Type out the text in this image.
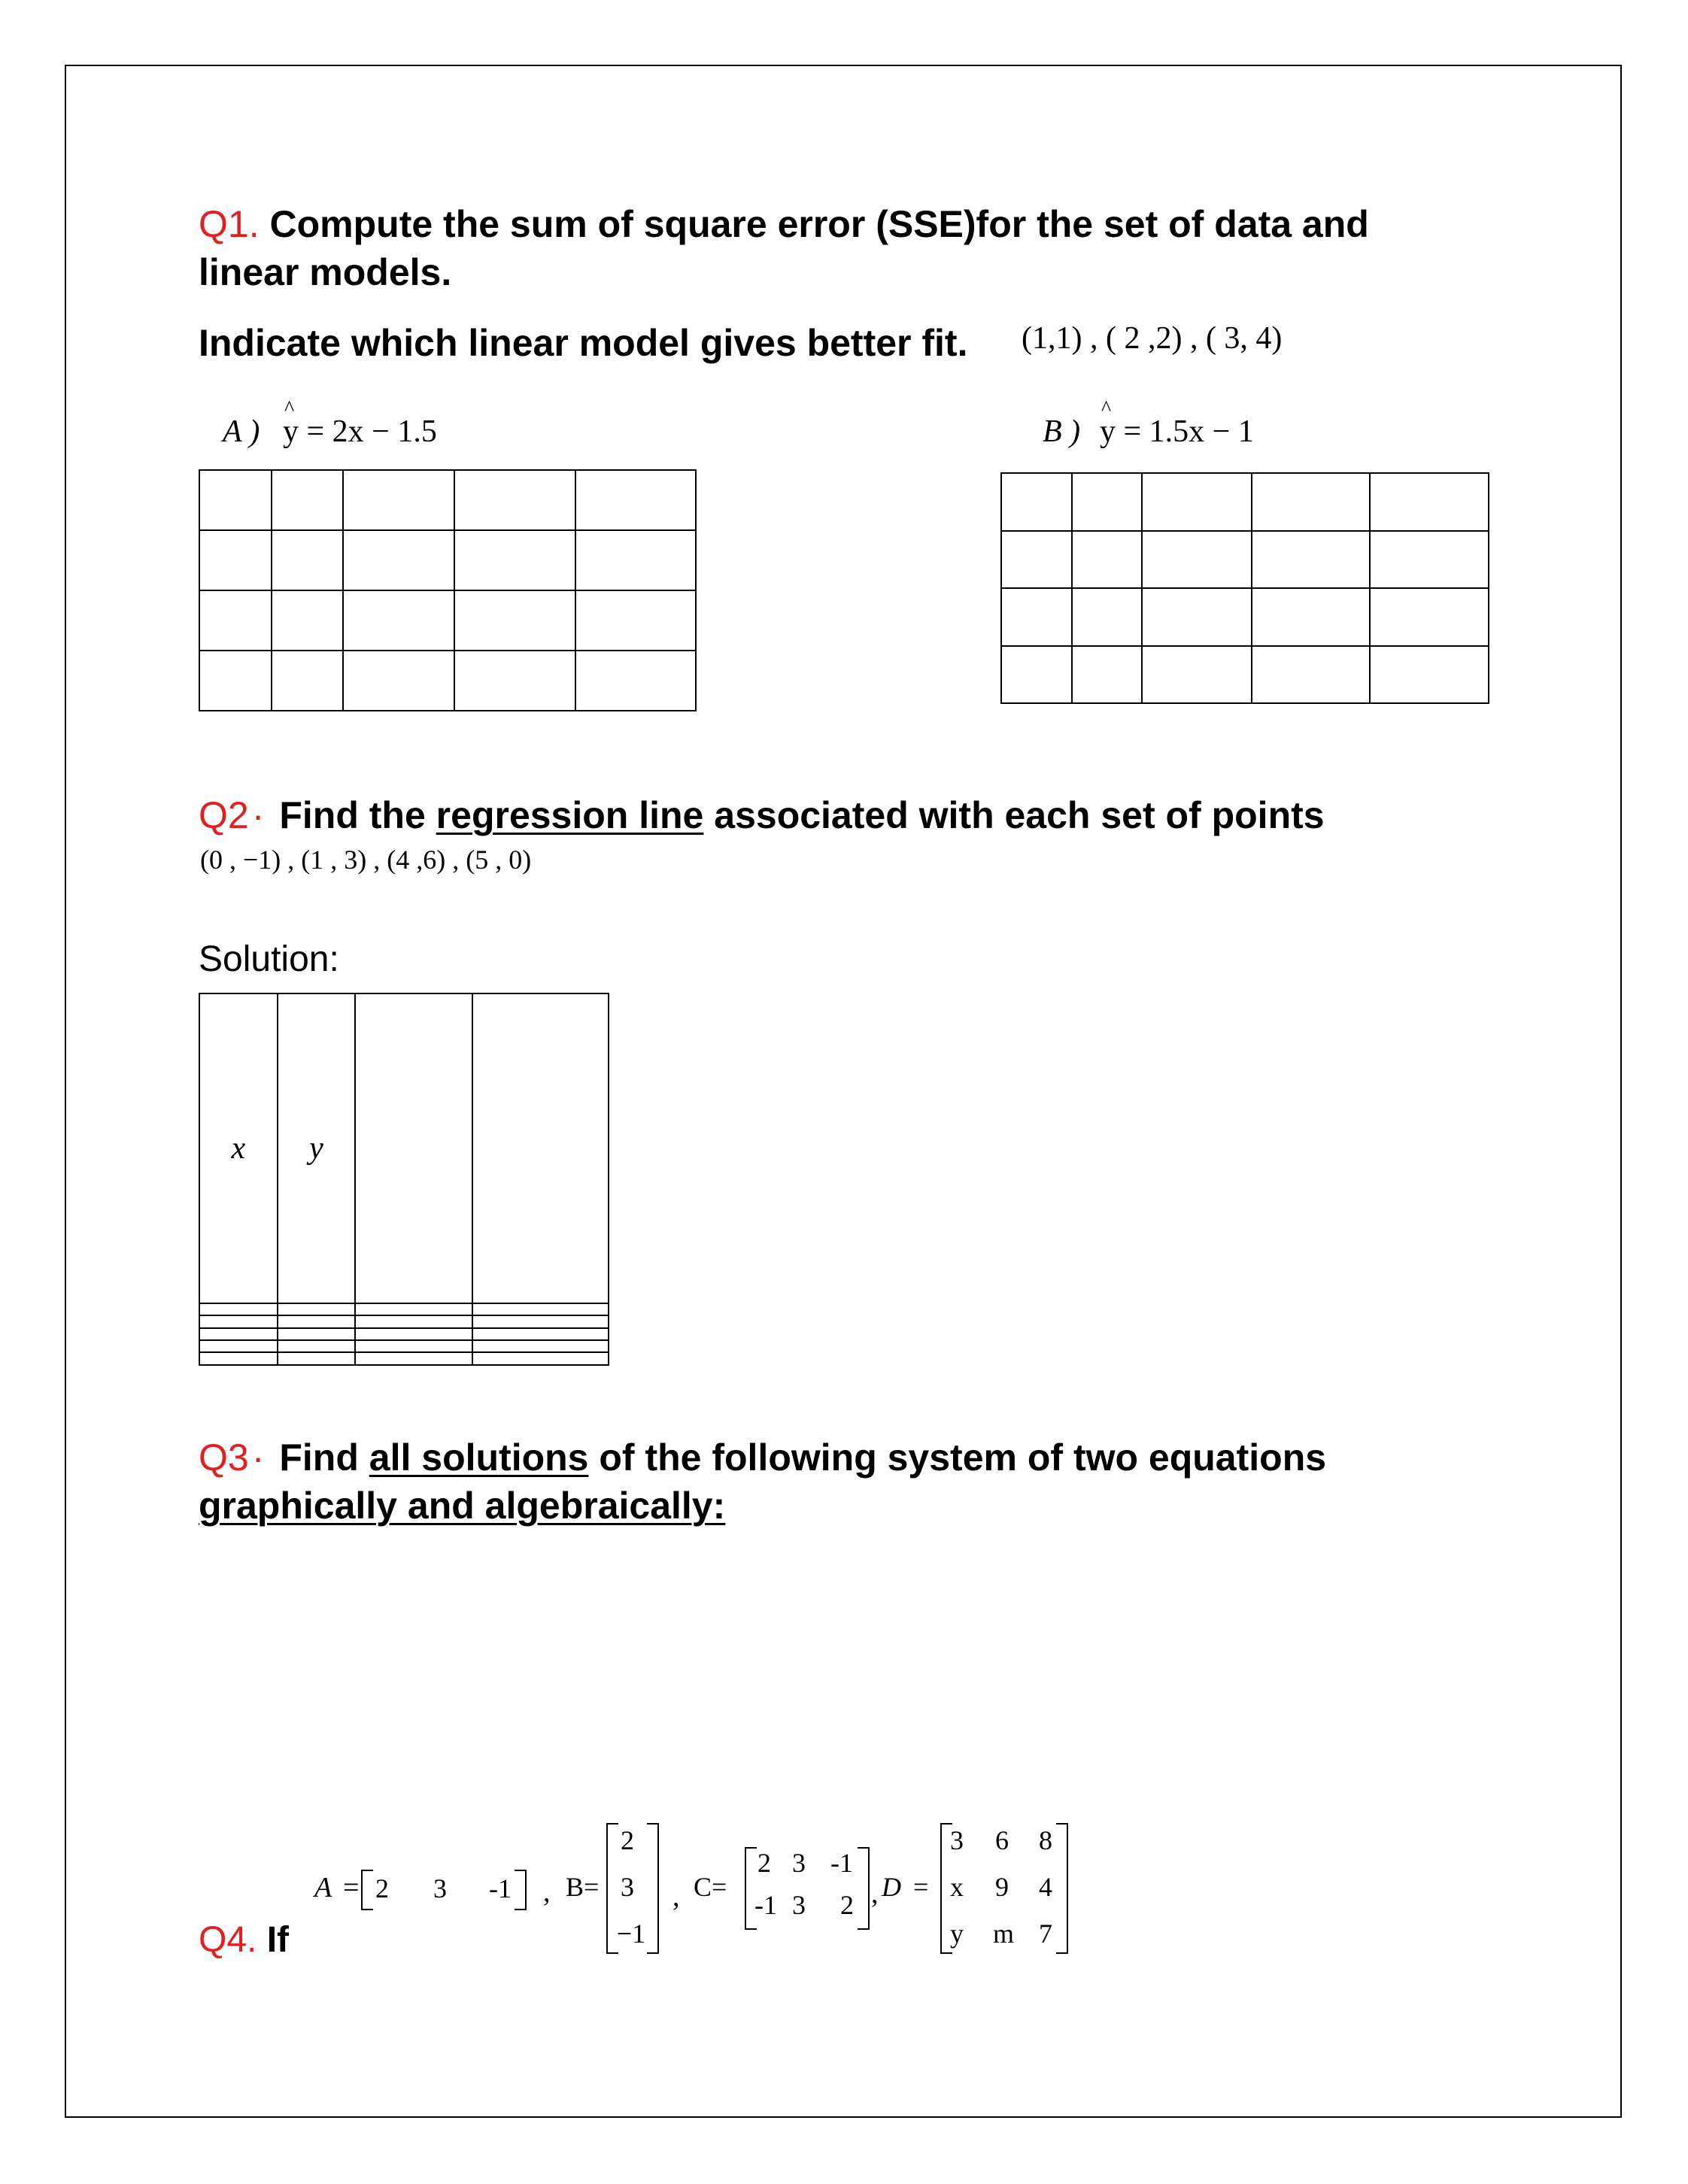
Q1. Compute the sum of square error (SSE)for the set of data and
linear models.
Indicate which linear model gives better fit. (1,1) , ( 2 ,2) , ( 3, 4)
A )
^
y = 2x − 1.5	B )
^
y = 1.5x − 1

Q2· Find the regression line associated with each set of points
(0 , −1) , (1 , 3) , (4 ,6) , (5 , 0)
Solution:
x	y		

Q3· Find all solutions of the following system of two equations
graphically and algebraically:
Q4. If
A = 2	3	-1 , B=
2
3
−1
, C=
2 3 -1
-1 3 2 , D =
3 6 8
x 9 4
y m 7
